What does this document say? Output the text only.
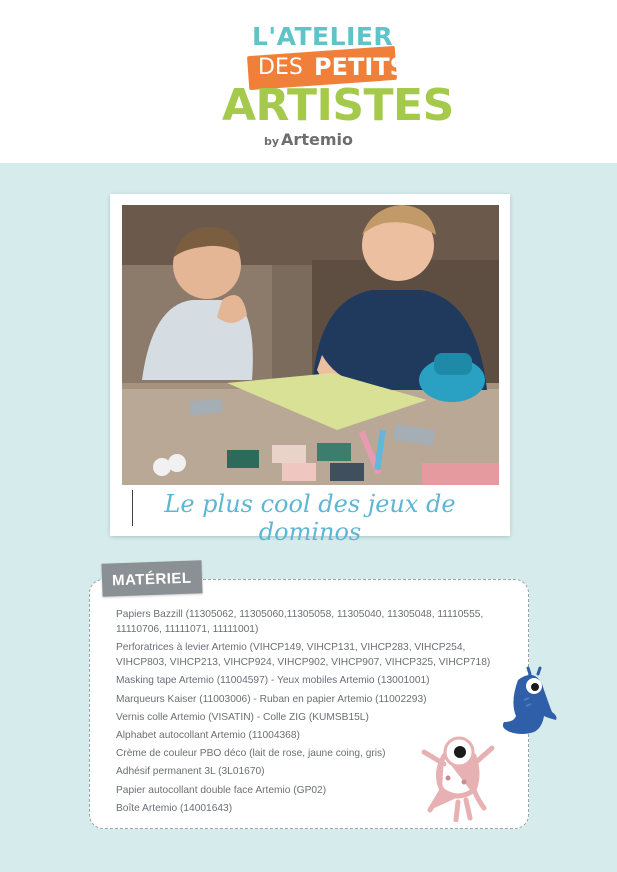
L'ATELIER
DES PETITS
ARTISTES
by Artemio
Le plus cool des jeux de dominos
MATÉRIEL
Papiers Bazzill (11305062, 11305060,11305058, 11305040, 11305048, 11110555, 11110706, 11111071, 11111001)
Perforatrices à levier Artemio (VIHCP149, VIHCP131, VIHCP283, VIHCP254, VIHCP803, VIHCP213, VIHCP924, VIHCP902, VIHCP907, VIHCP325, VIHCP718)
Masking tape Artemio (11004597) - Yeux mobiles Artemio (13001001)
Marqueurs Kaiser (11003006) - Ruban en papier Artemio (11002293)
Vernis colle Artemio (VISATIN) - Colle ZIG (KUMSB15L)
Alphabet autocollant Artemio (11004368)
Crème de couleur PBO déco (lait de rose, jaune coing, gris)
Adhésif permanent 3L (3L01670)
Papier autocollant double face Artemio (GP02)
Boîte Artemio (14001643)
